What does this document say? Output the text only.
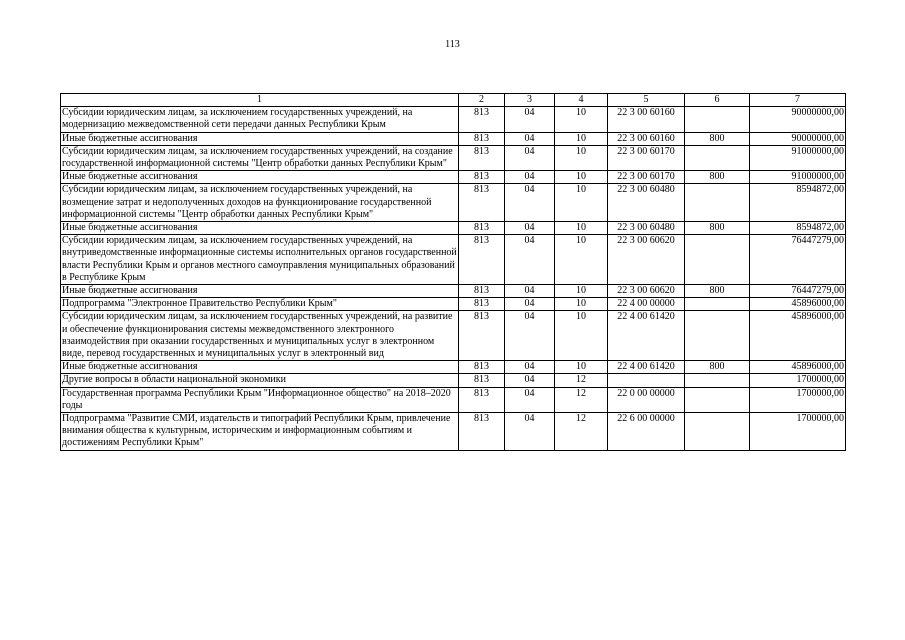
113
1	2	3	4	5	6	7
Субсидии юридическим лицам, за исключением государственных учреждений, на модернизацию межведомственной сети передачи данных Республики Крым	813	04	10	22 3 00 60160		90000000,00
Иные бюджетные ассигнования	813	04	10	22 3 00 60160	800	90000000,00
Субсидии юридическим лицам, за исключением государственных учреждений, на создание государственной информационной системы "Центр обработки данных Республики Крым"	813	04	10	22 3 00 60170		91000000,00
Иные бюджетные ассигнования	813	04	10	22 3 00 60170	800	91000000,00
Субсидии юридическим лицам, за исключением государственных учреждений, на возмещение затрат и недополученных доходов на функционирование государственной информационной системы "Центр обработки данных Республики Крым"	813	04	10	22 3 00 60480		8594872,00
Иные бюджетные ассигнования	813	04	10	22 3 00 60480	800	8594872,00
Субсидии юридическим лицам, за исключением государственных учреждений, на внутриведомственные информационные системы исполнительных органов государственной власти Республики Крым и органов местного самоуправления муниципальных образований в Республике Крым	813	04	10	22 3 00 60620		76447279,00
Иные бюджетные ассигнования	813	04	10	22 3 00 60620	800	76447279,00
Подпрограмма "Электронное Правительство Республики Крым"	813	04	10	22 4 00 00000		45896000,00
Субсидии юридическим лицам, за исключением государственных учреждений, на развитие и обеспечение функционирования системы межведомственного электронного взаимодействия при оказании государственных и муниципальных услуг в электронном виде, перевод государственных и муниципальных услуг в электронный вид	813	04	10	22 4 00 61420		45896000,00
Иные бюджетные ассигнования	813	04	10	22 4 00 61420	800	45896000,00
Другие вопросы в области национальной экономики	813	04	12			1700000,00
Государственная программа Республики Крым "Информационное общество" на 2018–2020 годы	813	04	12	22 0 00 00000		1700000,00
Подпрограмма "Развитие СМИ, издательств и типографий Республики Крым, привлечение внимания общества к культурным, историческим и информационным событиям и достижениям Республики Крым"	813	04	12	22 6 00 00000		1700000,00
